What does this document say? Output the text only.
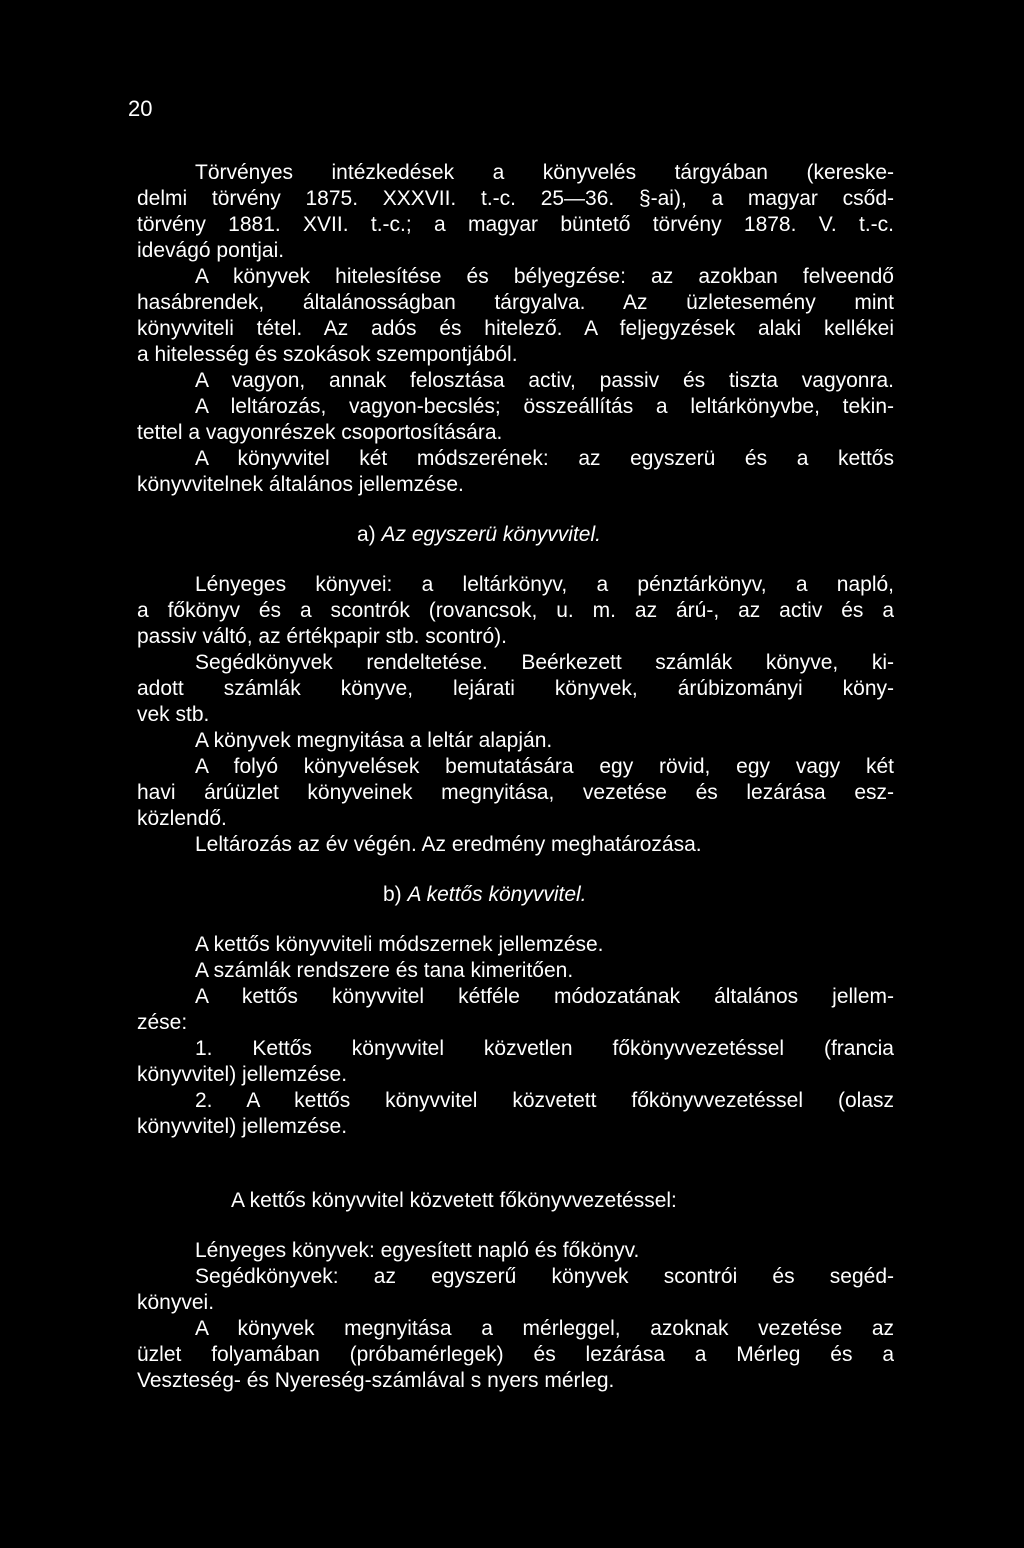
20
Törvényes intézkedések a könyvelés tárgyában (kereske-
delmi törvény 1875. XXXVII. t.-c. 25—36. §-ai), a magyar csőd-
törvény 1881. XVII. t.-c.; a magyar büntető törvény 1878. V. t.-c.
idevágó pontjai.
A könyvek hitelesítése és bélyegzése: az azokban felveendő
hasábrendek, általánosságban tárgyalva. Az üzletesemény mint
könyvviteli tétel. Az adós és hitelező. A feljegyzések alaki kellékei
a hitelesség és szokások szempontjából.
A vagyon, annak felosztása activ, passiv és tiszta vagyonra.
A leltározás, vagyon-becslés; összeállítás a leltárkönyvbe, tekin-
tettel a vagyonrészek csoportosítására.
A könyvvitel két módszerének: az egyszerü és a kettős
könyvvitelnek általános jellemzése.
a) Az egyszerü könyvvitel.
Lényeges könyvei: a leltárkönyv, a pénztárkönyv, a napló,
a főkönyv és a scontrók (rovancsok, u. m. az árú-, az activ és a
passiv váltó, az értékpapir stb. scontró).
Segédkönyvek rendeltetése. Beérkezett számlák könyve, ki-
adott számlák könyve, lejárati könyvek, árúbizományi köny-
vek stb.
A könyvek megnyitása a leltár alapján.
A folyó könyvelések bemutatására egy rövid, egy vagy két
havi árúüzlet könyveinek megnyitása, vezetése és lezárása esz-
közlendő.
Leltározás az év végén. Az eredmény meghatározása.
b) A kettős könyvvitel.
A kettős könyvviteli módszernek jellemzése.
A számlák rendszere és tana kimeritően.
A kettős könyvvitel kétféle módozatának általános jellem-
zése:
1. Kettős könyvvitel közvetlen főkönyvvezetéssel (francia
könyvvitel) jellemzése.
2. A kettős könyvvitel közvetett főkönyvvezetéssel (olasz
könyvvitel) jellemzése.
A kettős könyvvitel közvetett főkönyvvezetéssel:
Lényeges könyvek: egyesített napló és főkönyv.
Segédkönyvek: az egyszerű könyvek scontrói és segéd-
könyvei.
A könyvek megnyitása a mérleggel, azoknak vezetése az
üzlet folyamában (próbamérlegek) és lezárása a Mérleg és a
Veszteség- és Nyereség-számlával s nyers mérleg.
